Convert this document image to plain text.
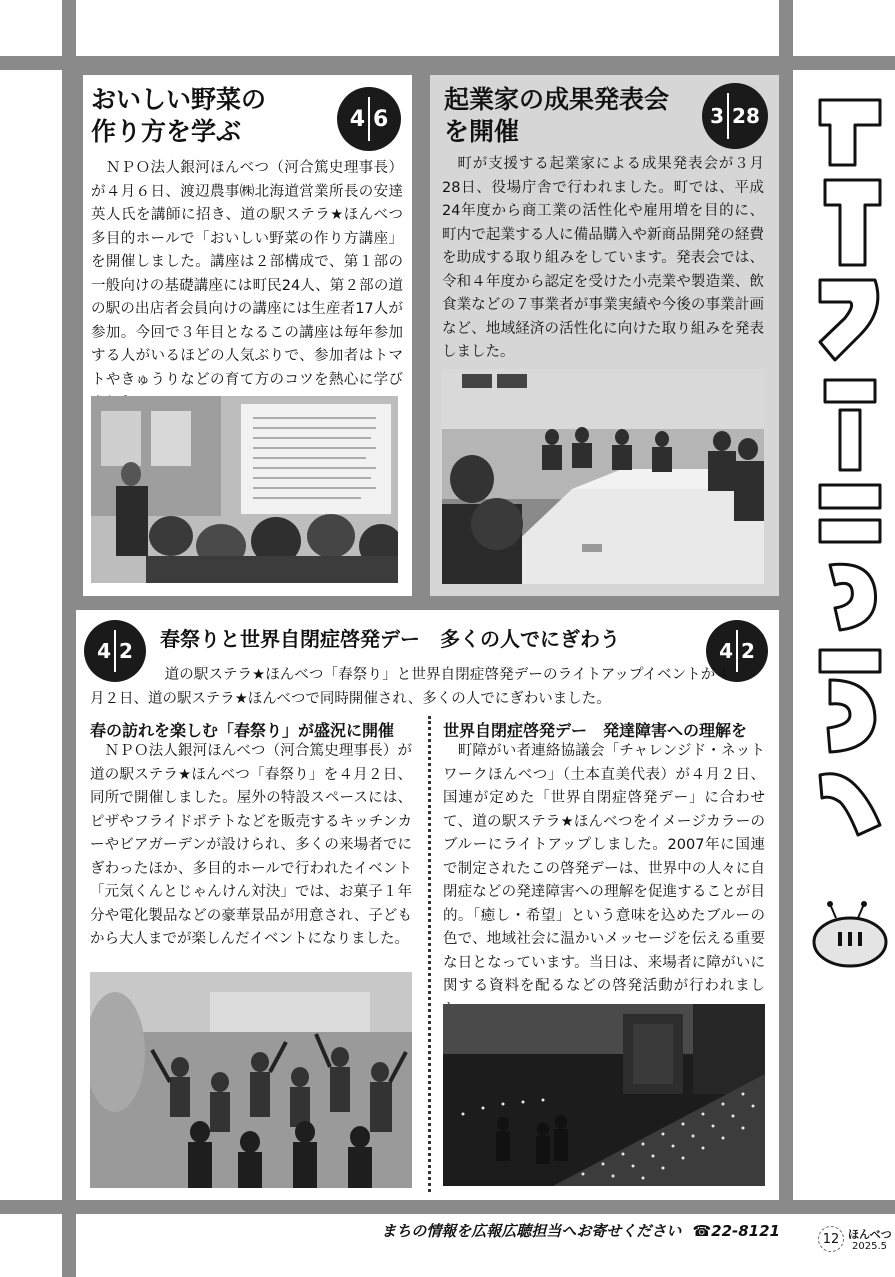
おいしい野菜の
作り方を学ぶ	4 6
　ＮＰＯ法人銀河ほんべつ（河合篤史理事長）が４月６日、渡辺農事㈱北海道営業所長の安達英人氏を講師に招き、道の駅ステラ★ほんべつ多目的ホールで「おいしい野菜の作り方講座」を開催しました。講座は２部構成で、第１部の一般向けの基礎講座には町民24人、第２部の道の駅の出店者会員向けの講座には生産者17人が参加。今回で３年目となるこの講座は毎年参加する人がいるほどの人気ぶりで、参加者はトマトやきゅうりなどの育て方のコツを熱心に学び
起業家の成果発表会
を開催
3 28
　町が支援する起業家による成果発表会が３月28日、役場庁舎で行われました。町では、平成24年度から商工業の活性化や雇用増を目的に、町内で起業する人に備品購入や新商品開発の経費を助成する取り組みをしています。発表会では、令和４年度から認定を受けた小売業や製造業、飲食業などの７事業者が事業実績や今後の事業計画など、地域経済の活性化に向けた取り組みを発表しました。
4 2 春祭りと世界自閉症啓発デー　多くの人でにぎわう	4 2
　道の駅ステラ★ほんべつ「春祭り」と世界自閉症啓発デーのライトアップイベントが４月２日、道の駅ステラ★ほんべつで同時開催され、多くの人でにぎわいました。
春の訪れを楽しむ「春祭り」が盛況に開催
　ＮＰＯ法人銀河ほんべつ（河合篤史理事長）が道の駅ステラ★ほんべつ「春祭り」を４月２日、同所で開催しました。屋外の特設スペースには、ピザやフライドポテトなどを販売するキッチンカーやビアガーデンが設けられ、多くの来場者でにぎわったほか、多目的ホールで行われたイベント「元気くんとじゃんけん対決」では、お菓子１年分や電化製品などの豪華景品が用意され、子どもから大人までが楽しんだイベントになりました。
世界自閉症啓発デー　発達障害への理解を
　町障がい者連絡協議会「チャレンジド・ネットワークほんべつ」（土本直美代表）が４月２日、国連が定めた「世界自閉症啓発デー」に合わせて、道の駅ステラ★ほんべつをイメージカラーのブルーにライトアップしました。2007年に国連で制定されたこの啓発デーは、世界中の人々に自閉症などの発達障害への理解を促進することが目的。「癒し・希望」という意味を込めたブルーの色で、地域社会に温かいメッセージを伝える重要な日となっています。当日は、来場者に障がいに関する資料を配るなどの啓発活動が行われまし
まちの情報を広報広聴担当へお寄せください ☎22-8121	12 ほんべつ
2025.5
